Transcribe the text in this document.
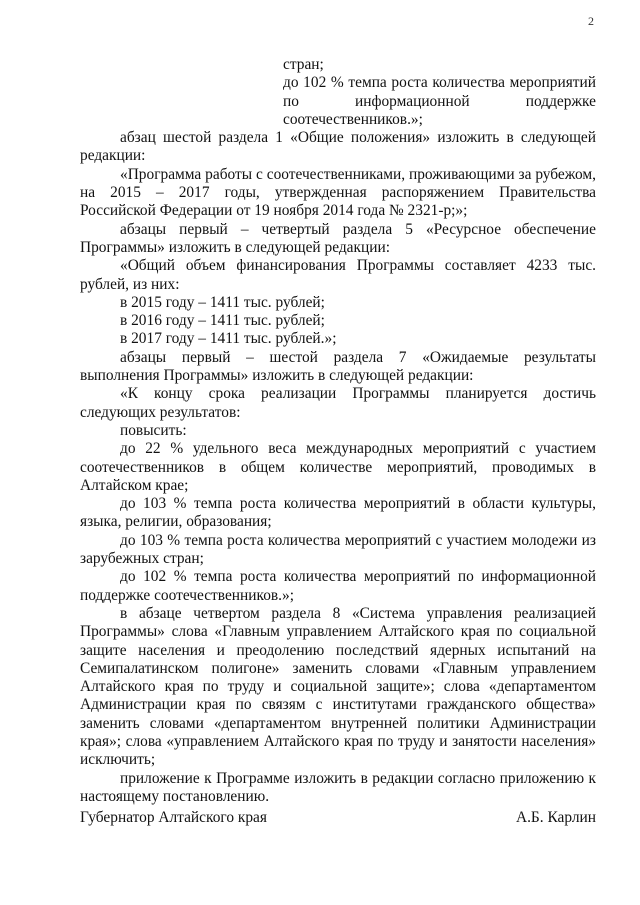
2

стран;
до 102 % темпа роста количества мероприятий по информационной поддержке соотечественников.»;

абзац шестой раздела 1 «Общие положения» изложить в следующей редакции:

«Программа работы с соотечественниками, проживающими за рубежом, на 2015 – 2017 годы, утвержденная распоряжением Правительства Российской Федерации от 19 ноября 2014 года № 2321-р;»;

абзацы первый – четвертый раздела 5 «Ресурсное обеспечение Программы» изложить в следующей редакции:

«Общий объем финансирования Программы составляет 4233 тыс. рублей, из них:

в 2015 году – 1411 тыс. рублей;

в 2016 году – 1411 тыс. рублей;

в 2017 году – 1411 тыс. рублей.»;

абзацы первый – шестой раздела 7 «Ожидаемые результаты выполнения Программы» изложить в следующей редакции:

«К концу срока реализации Программы планируется достичь следующих результатов:

повысить:

до 22 % удельного веса международных мероприятий с участием соотечественников в общем количестве мероприятий, проводимых в Алтайском крае;

до 103 % темпа роста количества мероприятий в области культуры, языка, религии, образования;

до 103 % темпа роста количества мероприятий с участием молодежи из зарубежных стран;

до 102 % темпа роста количества мероприятий по информационной поддержке соотечественников.»;

в абзаце четвертом раздела 8 «Система управления реализацией Программы» слова «Главным управлением Алтайского края по социальной защите населения и преодолению последствий ядерных испытаний на Семипалатинском полигоне» заменить словами «Главным управлением Алтайского края по труду и социальной защите»; слова «департаментом Администрации края по связям с институтами гражданского общества» заменить словами «департаментом внутренней политики Администрации края»; слова «управлением Алтайского края по труду и занятости населения» исключить;

приложение к Программе изложить в редакции согласно приложению к настоящему постановлению.

Губернатор Алтайского края	А.Б. Карлин
